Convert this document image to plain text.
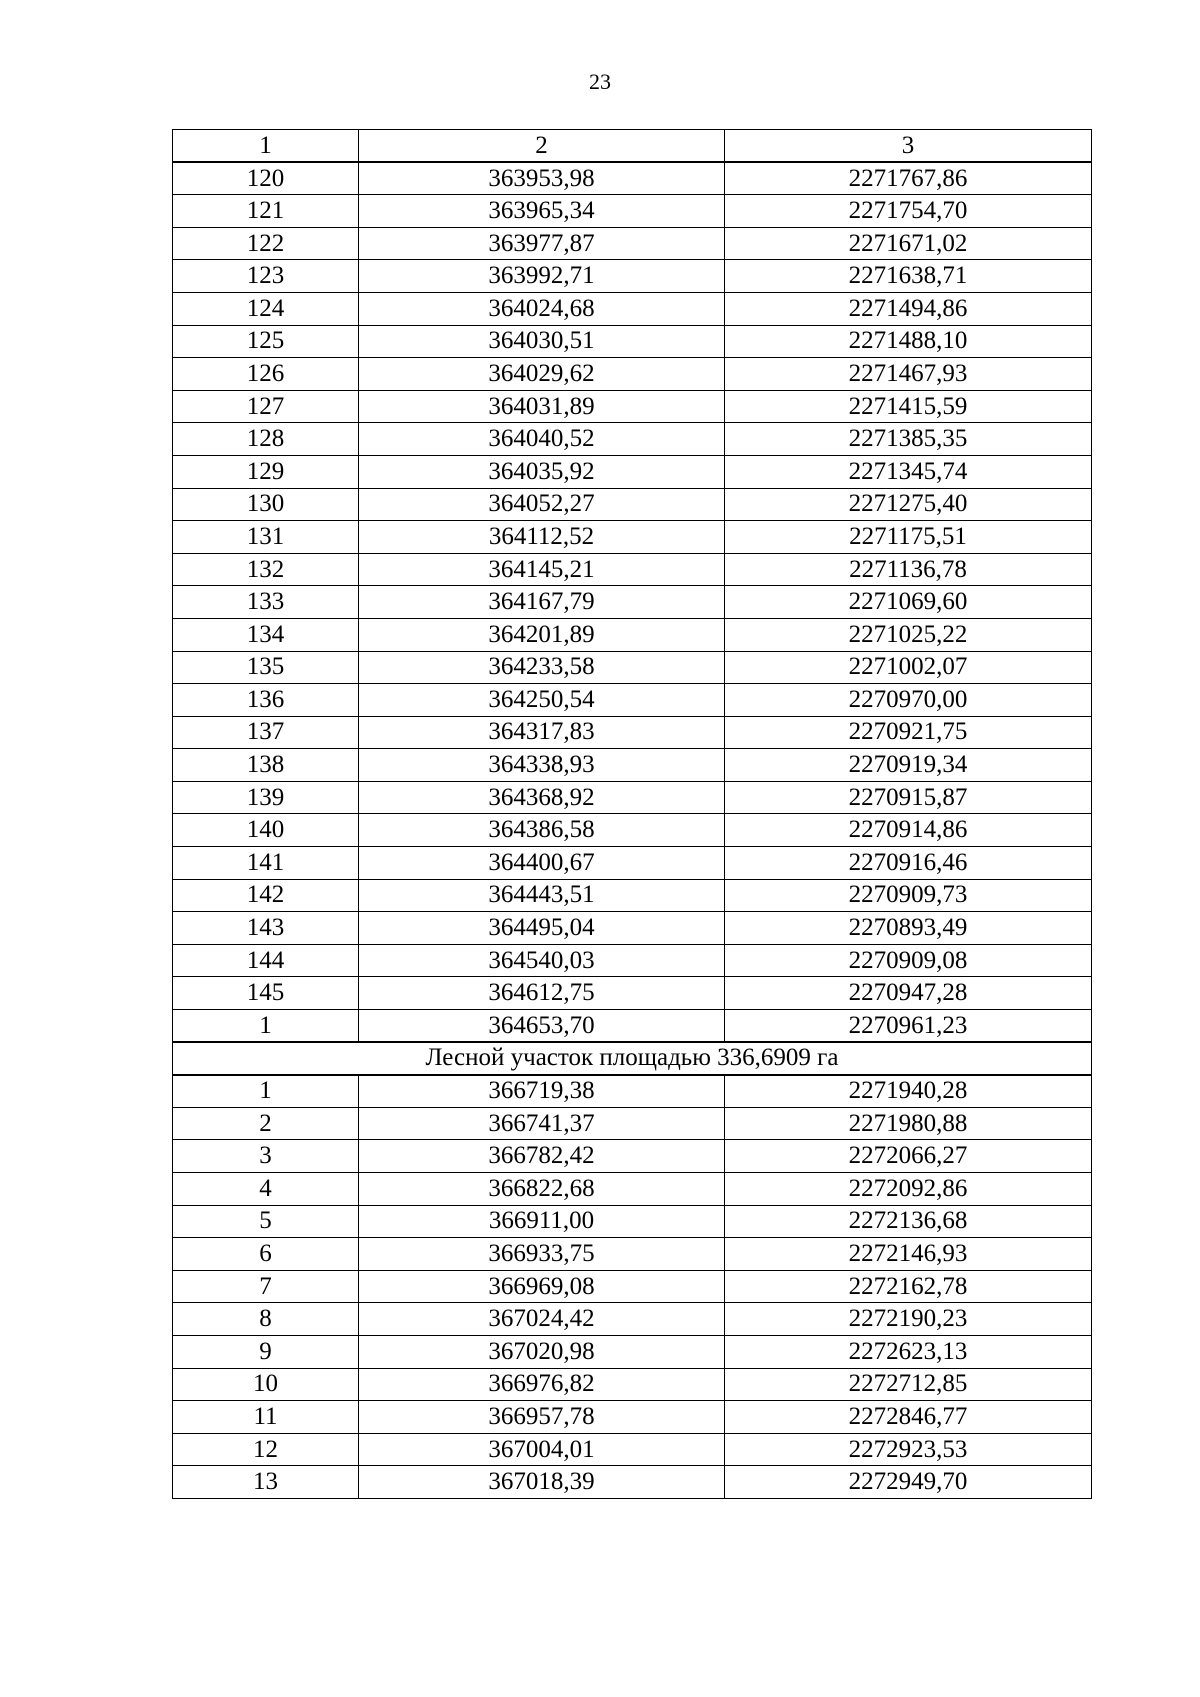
23
1	2	3
120	363953,98	2271767,86
121	363965,34	2271754,70
122	363977,87	2271671,02
123	363992,71	2271638,71
124	364024,68	2271494,86
125	364030,51	2271488,10
126	364029,62	2271467,93
127	364031,89	2271415,59
128	364040,52	2271385,35
129	364035,92	2271345,74
130	364052,27	2271275,40
131	364112,52	2271175,51
132	364145,21	2271136,78
133	364167,79	2271069,60
134	364201,89	2271025,22
135	364233,58	2271002,07
136	364250,54	2270970,00
137	364317,83	2270921,75
138	364338,93	2270919,34
139	364368,92	2270915,87
140	364386,58	2270914,86
141	364400,67	2270916,46
142	364443,51	2270909,73
143	364495,04	2270893,49
144	364540,03	2270909,08
145	364612,75	2270947,28
1	364653,70	2270961,23
Лесной участок площадью 336,6909 га		
1	366719,38	2271940,28
2	366741,37	2271980,88
3	366782,42	2272066,27
4	366822,68	2272092,86
5	366911,00	2272136,68
6	366933,75	2272146,93
7	366969,08	2272162,78
8	367024,42	2272190,23
9	367020,98	2272623,13
10	366976,82	2272712,85
11	366957,78	2272846,77
12	367004,01	2272923,53
13	367018,39	2272949,70
